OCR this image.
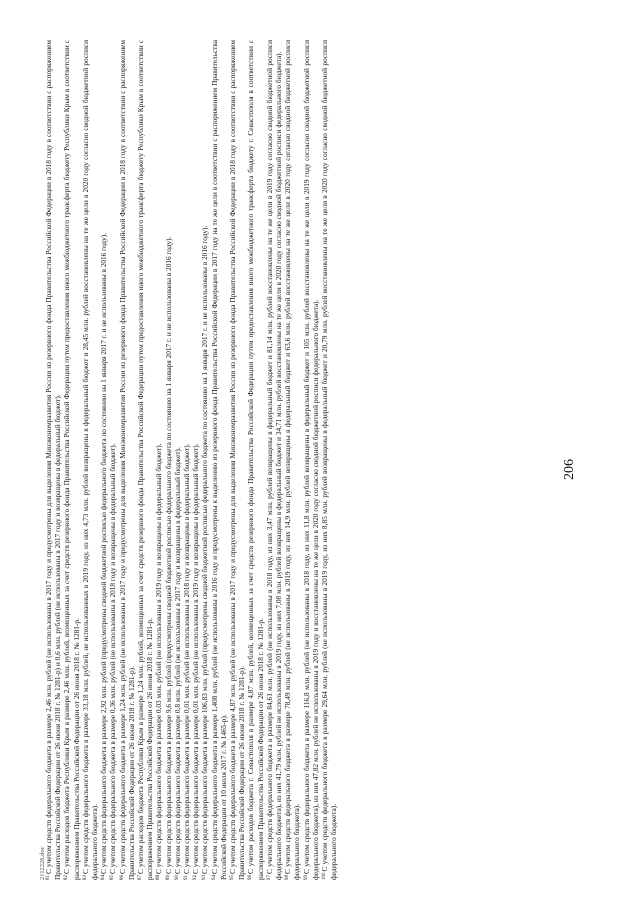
$^{81}$С учетом средств федерального бюджета в размере 2,46 млн. рублей (не использованы в 2017 году и предусмотрены для выделения Минэкономразвития России из резервного фонда Правительства Российской Федерации в 2018 году в соответствии с распоряжением Правительства Российской Федерации от 26 июня 2018 г. № 1281-р) и 0,6 млн. рублей (не использованы в 2017 году и возвращены в федеральный бюджет). $^{82}$С учетом расходов бюджета Республики Крым в размере 2,46 млн. рублей, возмещенных за счет средств резервного фонда Правительства Российской Федерации путем предоставления иного межбюджетного трансферта бюджету Республики Крым в соответствии с распоряжением Правительства Российской Федерации от 26 июня 2018 г. № 1281-р. $^{83}$С учетом средств федерального бюджета в размере 33,18 млн. рублей, не использованных в 2019 году, из них 4,73 млн. рублей возвращены в федеральный бюджет и 28,45 млн. рублей восстановлены на те же цели в 2020 году согласно сводной бюджетной росписи федерального бюджета). $^{84}$С учетом средств федерального бюджета в размере 2,92 млн. рублей (предусмотрены сводной бюджетной росписью федерального бюджета по состоянию на 1 января 2017 г. и не использованы в 2016 году).

$^{85}$С учетом средств федерального бюджета в размере 0,36 млн. рублей (не использованы в 2018 году и возвращены в федеральный бюджет).

$^{86}$С учетом средств федерального бюджета в размере 1,24 млн. рублей (не использованы в 2017 году и предусмотрены для выделения Минэкономразвития России из резервного фонда Правительства Российской Федерации в 2018 году в соответствии с распоряжением Правительства Российской Федерации от 26 июня 2018 г. № 1281-р). $^{87}$С учетом расходов бюджета Республики Крым в размере 1,24 млн. рублей, возмещенных за счет средств резервного фонда Правительства Российской Федерации путем предоставления иного межбюджетного трансферта бюджету Республики Крым в соответствии с распоряжением Правительства Российской Федерации от 26 июня 2018 г. № 1281-р. $^{88}$С учетом средств федерального бюджета в размере 0,03 млн. рублей (не использованы в 2019 году и возвращены в федеральный бюджет).

$^{89}$С учетом средств федерального бюджета в размере 9,6 млн. рублей (предусмотрены сводной бюджетной росписью федерального бюджета по состоянию на 1 января 2017 г. и не использованы в 2016 году).

$^{90}$С учетом средств федерального бюджета в размере 0,8 млн. рублей (не использованы в 2017 году и возвращены в федеральный бюджет).

$^{91}$С учетом средств федерального бюджета в размере 0,01 млн. рублей (не использованы в 2018 году и возвращены в федеральный бюджет).

$^{92}$С учетом средств федерального бюджета в размере 0,01 млн. рублей (не использованы в 2019 году и возвращены в федеральный бюджет).

$^{93}$С учетом средств федерального бюджета в размере 106,83 млн. рублей (предусмотрены сводной бюджетной росписью федерального бюджета по состоянию на 1 января 2017 г. и не использованы в 2016 году).

$^{94}$С учетом средств федерального бюджета в размере 1,408 млн. рублей (не использованы в 2016 году и предусмотрены к выделению из резервного фонда Правительства Российской Федерации в 2017 году на те же цели в соответствии с распоряжением Правительства Российской Федерации от 10 июля 2017 г. № 1465-р). $^{95}$С учетом средств федерального бюджета в размере 4,87 млн. рублей (не использованы в 2017 году и предусмотрены для выделения Минэкономразвития России из резервного фонда Правительства Российской Федерации в 2018 году в соответствии с распоряжением Правительства Российской Федерации от 26 июня 2018 г. № 1281-р). $^{96}$С учетом расходов бюджета г. Севастополя в размере 4,87 млн. рублей, возмещенных за счет средств резервного фонда Правительства Российской Федерации путем предоставления иного межбюджетного трансферта бюджету г. Севастополя в соответствии с распоряжением Правительства Российской Федерации от 26 июня 2018 г. № 1281-р. $^{97}$С учетом средств федерального бюджета в размере 84,61 млн. рублей (не использованы в 2018 году, из них 3,47 млн. рублей возвращены в федеральный бюджет и 81,14 млн. рублей восстановлены на те же цели в 2019 году согласно сводной бюджетной росписи федерального бюджета), из них 41,79 млн. рублей не использованы в 2019 году, из них 7,08 млн. рублей возвращены в федеральный бюджет и 34,71 млн. рублей восстановлены на те же цели в 2020 году согласно сводной бюджетной росписи федерального бюджета). $^{98}$С учетом средств федерального бюджета в размере 78,49 млн. рублей (не использованы в 2019 году, из них 14,9 млн. рублей возвращены в федеральный бюджет и 63,6 млн. рублей восстановлены на те же цели в 2020 году согласно сводной бюджетной росписи федерального бюджета). $^{99}$С учетом средств федерального бюджета в размере 116,8 млн. рублей (не использованы в 2018 году, из них 11,8 млн. рублей возвращены в федеральный бюджет и 105 млн. рублей восстановлены на те же цели в 2019 году согласно сводной бюджетной росписи федерального бюджета), из них 47,82 млн. рублей не использованы в 2019 году и восстановлены на те же цели в 2020 году согласно сводной бюджетной росписи федерального бюджета). $^{100}$С учетом средств федерального бюджета в размере 29,64 млн. рублей (не использованы в 2019 году, из них 8,85 млн. рублей возвращены в федеральный бюджет и 20,79 млн. рублей восстановлены на те же цели в 2020 году согласно сводной бюджетной росписи федерального бюджета).

206
2112226.doc
